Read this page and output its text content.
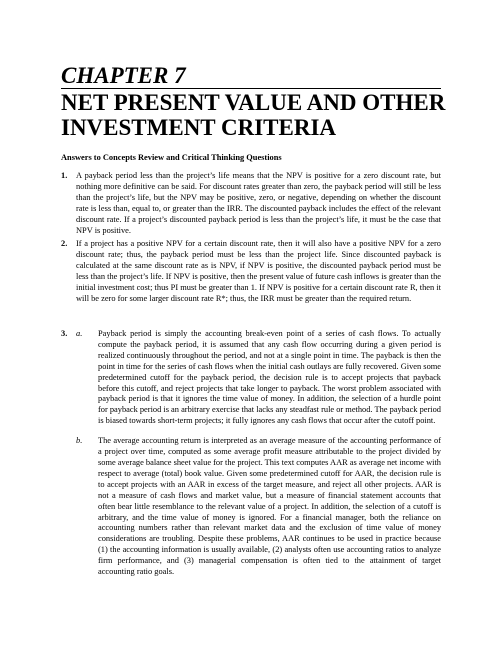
CHAPTER 7
NET PRESENT VALUE AND OTHER INVESTMENT CRITERIA
Answers to Concepts Review and Critical Thinking Questions
1. A payback period less than the project’s life means that the NPV is positive for a zero discount rate, but nothing more definitive can be said. For discount rates greater than zero, the payback period will still be less than the project’s life, but the NPV may be positive, zero, or negative, depending on whether the discount rate is less than, equal to, or greater than the IRR. The discounted payback includes the effect of the relevant discount rate. If a project’s discounted payback period is less than the project’s life, it must be the case that NPV is positive.
2. If a project has a positive NPV for a certain discount rate, then it will also have a positive NPV for a zero discount rate; thus, the payback period must be less than the project life. Since discounted payback is calculated at the same discount rate as is NPV, if NPV is positive, the discounted payback period must be less than the project’s life. If NPV is positive, then the present value of future cash inflows is greater than the initial investment cost; thus PI must be greater than 1. If NPV is positive for a certain discount rate R, then it will be zero for some larger discount rate R*; thus, the IRR must be greater than the required return.
3. a. Payback period is simply the accounting break-even point of a series of cash flows. To actually compute the payback period, it is assumed that any cash flow occurring during a given period is realized continuously throughout the period, and not at a single point in time. The payback is then the point in time for the series of cash flows when the initial cash outlays are fully recovered. Given some predetermined cutoff for the payback period, the decision rule is to accept projects that payback before this cutoff, and reject projects that take longer to payback. The worst problem associated with payback period is that it ignores the time value of money. In addition, the selection of a hurdle point for payback period is an arbitrary exercise that lacks any steadfast rule or method. The payback period is biased towards short-term projects; it fully ignores any cash flows that occur after the cutoff point.
b. The average accounting return is interpreted as an average measure of the accounting performance of a project over time, computed as some average profit measure attributable to the project divided by some average balance sheet value for the project. This text computes AAR as average net income with respect to average (total) book value. Given some predetermined cutoff for AAR, the decision rule is to accept projects with an AAR in excess of the target measure, and reject all other projects. AAR is not a measure of cash flows and market value, but a measure of financial statement accounts that often bear little resemblance to the relevant value of a project. In addition, the selection of a cutoff is arbitrary, and the time value of money is ignored. For a financial manager, both the reliance on accounting numbers rather than relevant market data and the exclusion of time value of money considerations are troubling. Despite these problems, AAR continues to be used in practice because (1) the accounting information is usually available, (2) analysts often use accounting ratios to analyze firm performance, and (3) managerial compensation is often tied to the attainment of target accounting ratio goals.
